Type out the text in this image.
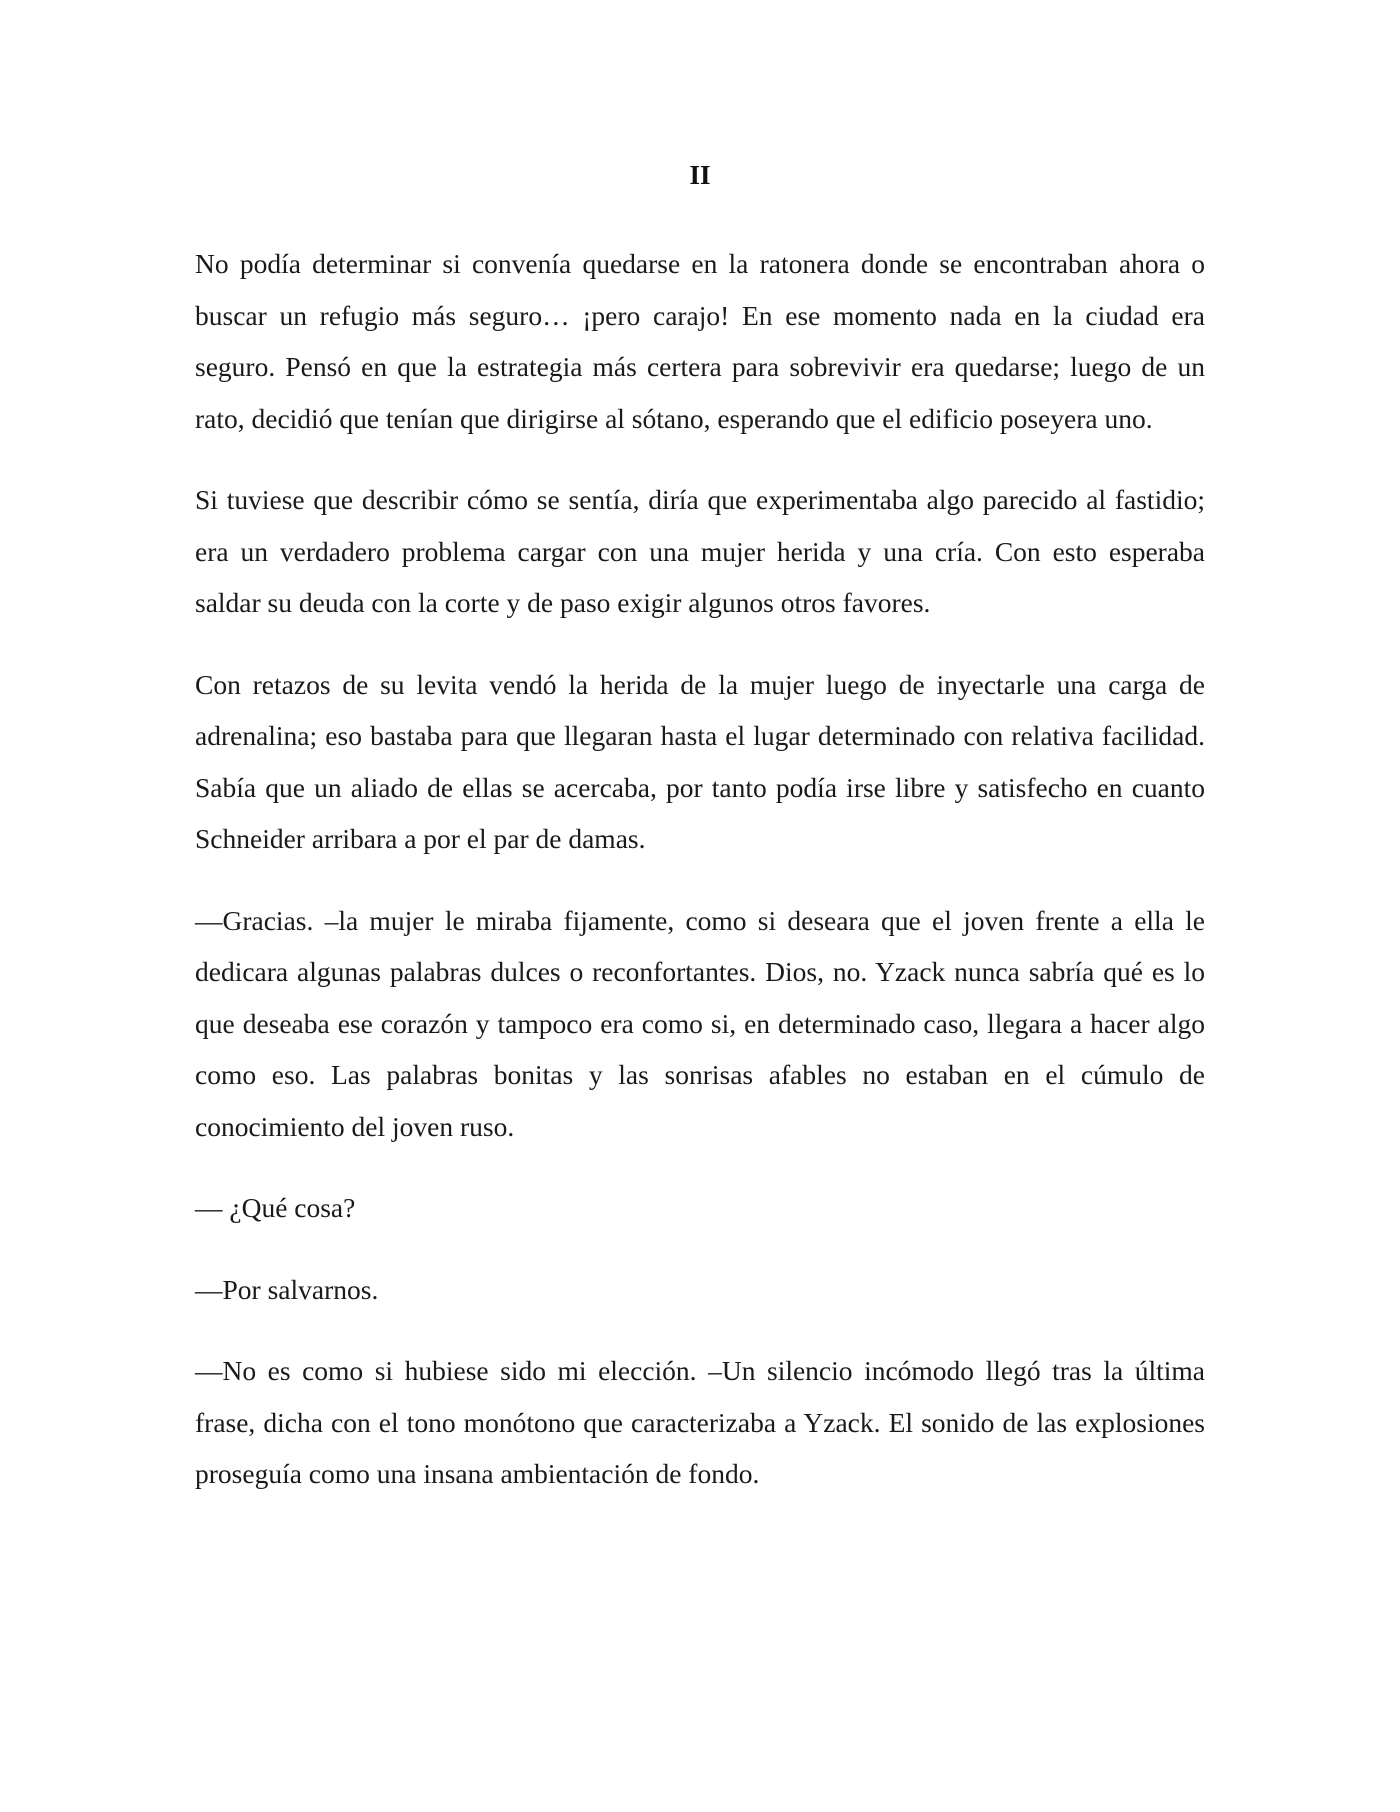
II

No podía determinar si convenía quedarse en la ratonera donde se encontraban ahora o buscar un refugio más seguro… ¡pero carajo! En ese momento nada en la ciudad era seguro. Pensó en que la estrategia más certera para sobrevivir era quedarse; luego de un rato, decidió que tenían que dirigirse al sótano, esperando que el edificio poseyera uno.

Si tuviese que describir cómo se sentía, diría que experimentaba algo parecido al fastidio; era un verdadero problema cargar con una mujer herida y una cría. Con esto esperaba saldar su deuda con la corte y de paso exigir algunos otros favores.

Con retazos de su levita vendó la herida de la mujer luego de inyectarle una carga de adrenalina; eso bastaba para que llegaran hasta el lugar determinado con relativa facilidad. Sabía que un aliado de ellas se acercaba, por tanto podía irse libre y satisfecho en cuanto Schneider arribara a por el par de damas.

—Gracias. –la mujer le miraba fijamente, como si deseara que el joven frente a ella le dedicara algunas palabras dulces o reconfortantes. Dios, no. Yzack nunca sabría qué es lo que deseaba ese corazón y tampoco era como si, en determinado caso, llegara a hacer algo como eso. Las palabras bonitas y las sonrisas afables no estaban en el cúmulo de conocimiento del joven ruso.

— ¿Qué cosa?

—Por salvarnos.

—No es como si hubiese sido mi elección. –Un silencio incómodo llegó tras la última frase, dicha con el tono monótono que caracterizaba a Yzack. El sonido de las explosiones proseguía como una insana ambientación de fondo.
